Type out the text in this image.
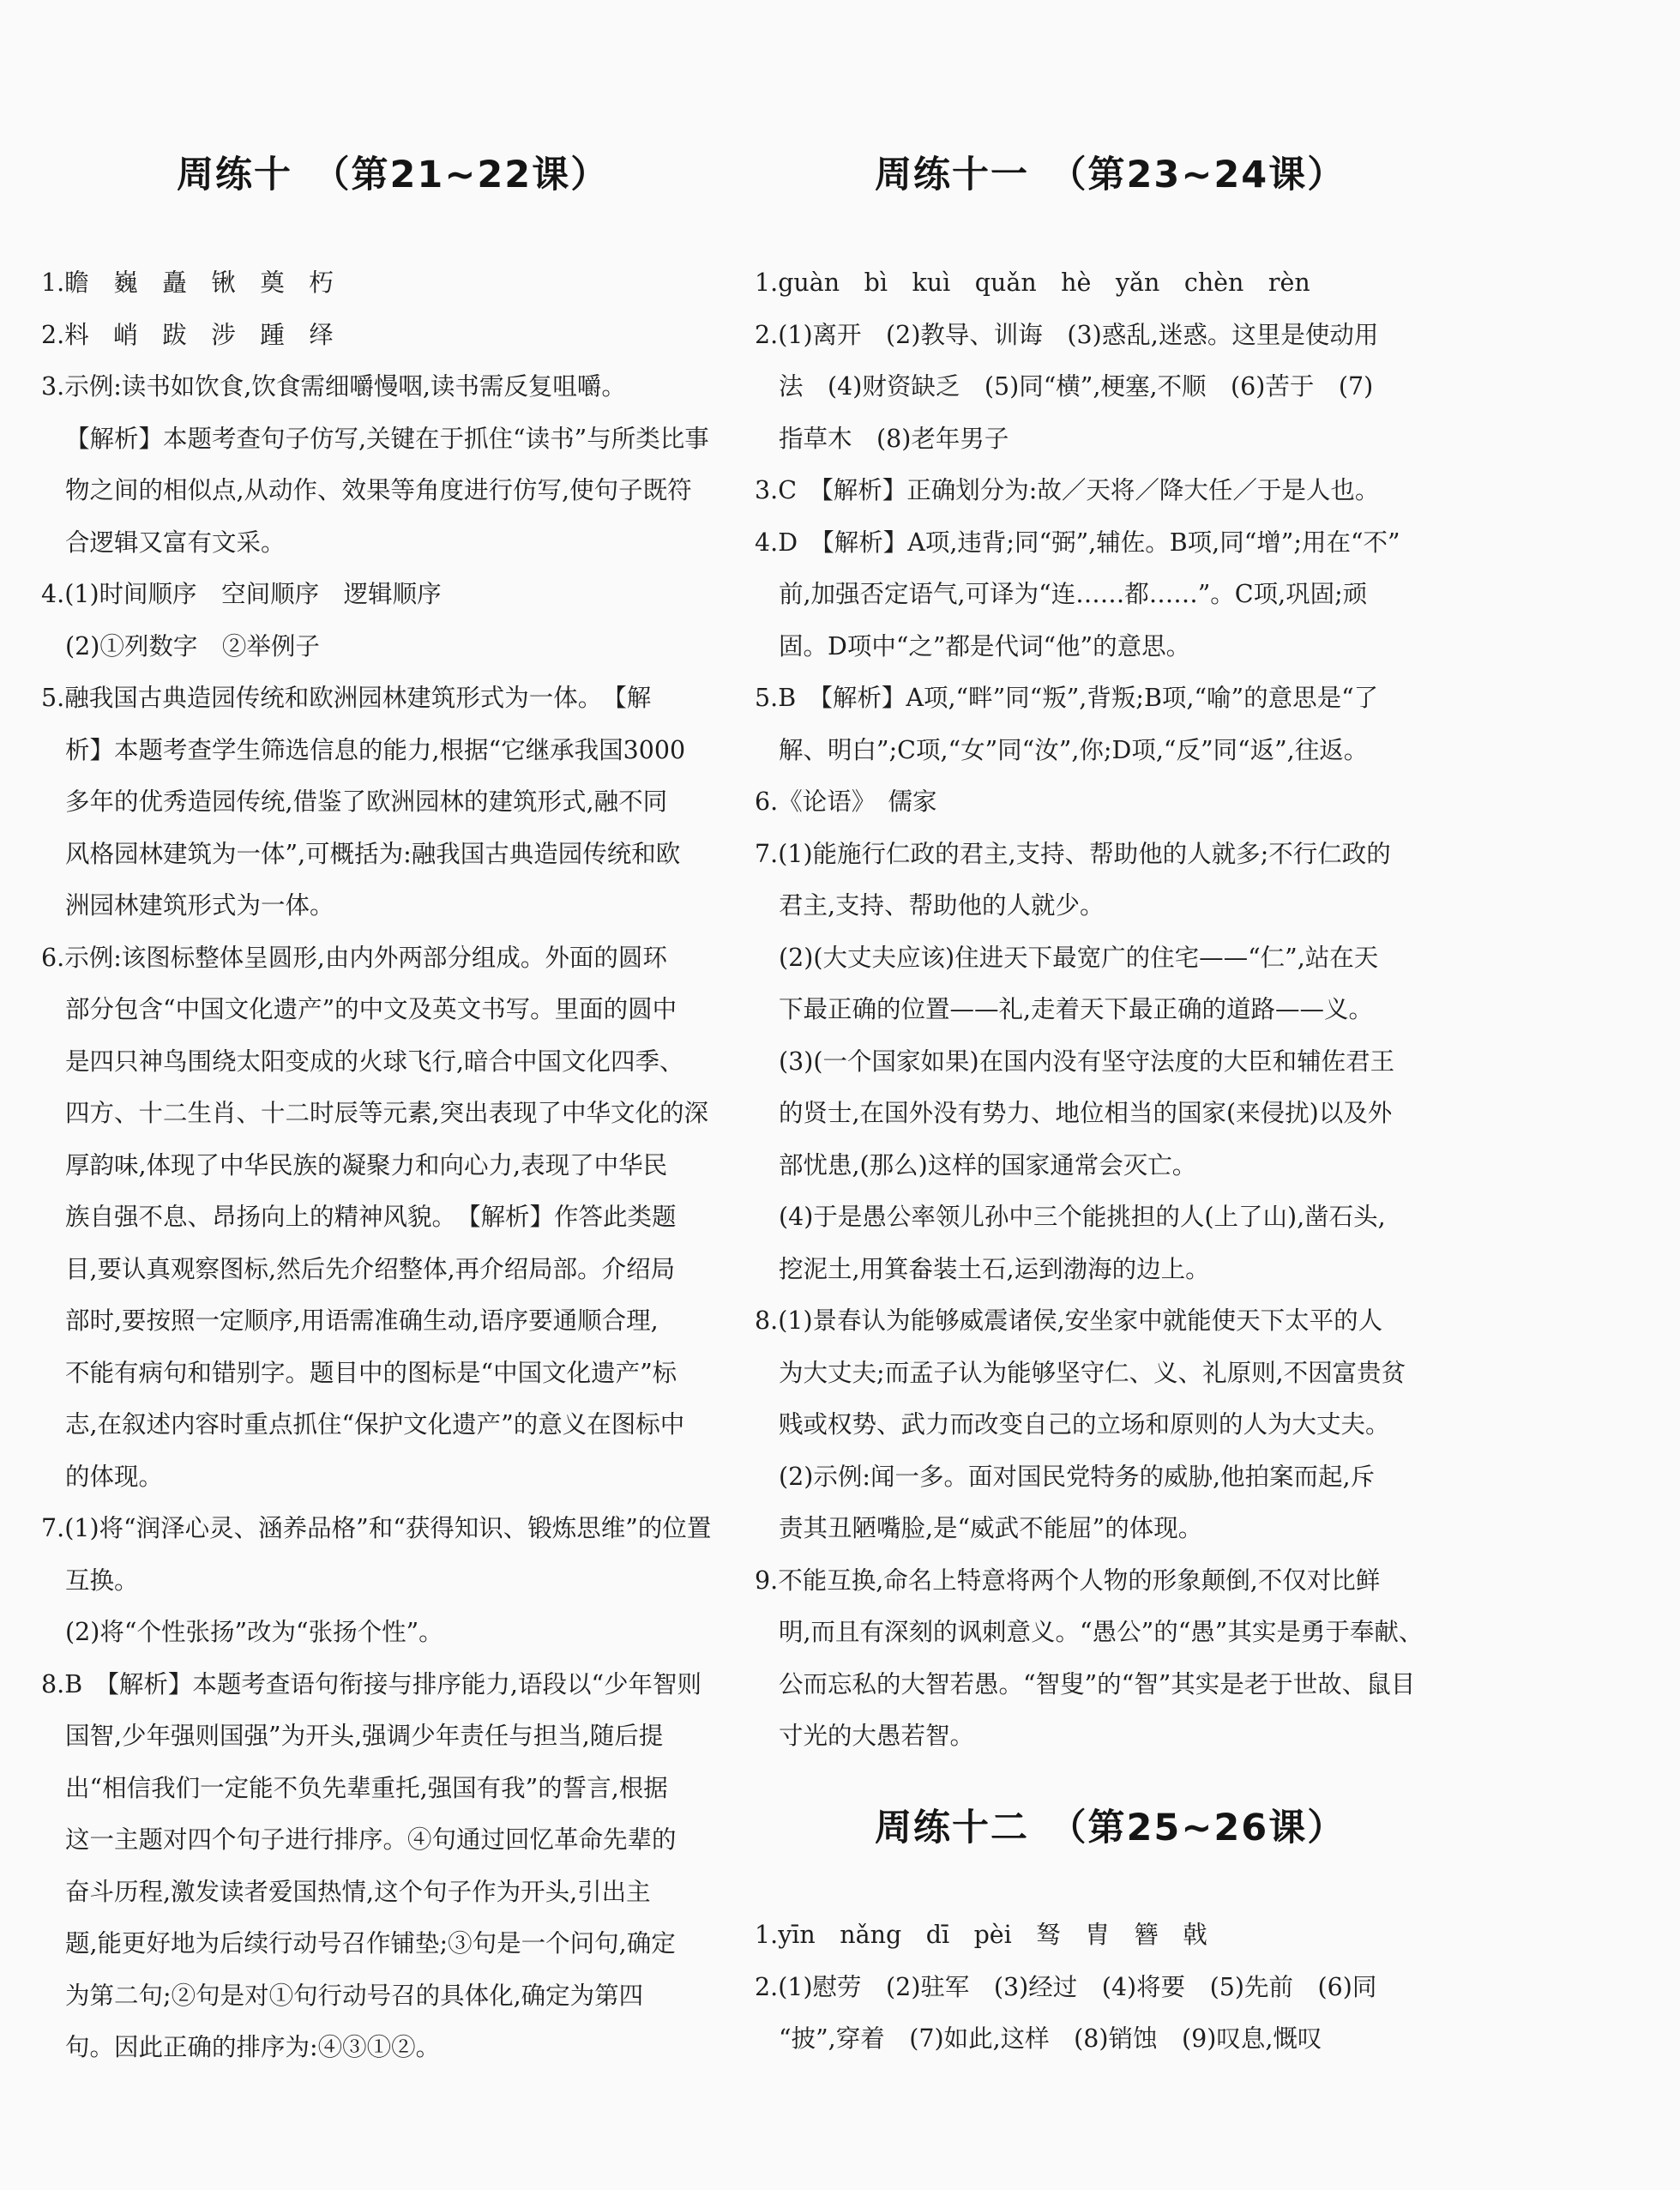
周练十　（第21~22课）
1.瞻　巍　矗　锹　奠　朽
2.料　峭　跋　涉　踵　绎
3.示例:读书如饮食,饮食需细嚼慢咽,读书需反复咀嚼。
【解析】本题考查句子仿写,关键在于抓住“读书”与所类比事
物之间的相似点,从动作、效果等角度进行仿写,使句子既符
合逻辑又富有文采。
4.(1)时间顺序　空间顺序　逻辑顺序
(2)①列数字　②举例子
5.融我国古典造园传统和欧洲园林建筑形式为一体。　【解
析】本题考查学生筛选信息的能力,根据“它继承我国3000
多年的优秀造园传统,借鉴了欧洲园林的建筑形式,融不同
风格园林建筑为一体”,可概括为:融我国古典造园传统和欧
洲园林建筑形式为一体。
6.示例:该图标整体呈圆形,由内外两部分组成。外面的圆环
部分包含“中国文化遗产”的中文及英文书写。里面的圆中
是四只神鸟围绕太阳变成的火球飞行,暗合中国文化四季、
四方、十二生肖、十二时辰等元素,突出表现了中华文化的深
厚韵味,体现了中华民族的凝聚力和向心力,表现了中华民
族自强不息、昂扬向上的精神风貌。　【解析】作答此类题
目,要认真观察图标,然后先介绍整体,再介绍局部。介绍局
部时,要按照一定顺序,用语需准确生动,语序要通顺合理,
不能有病句和错别字。题目中的图标是“中国文化遗产”标
志,在叙述内容时重点抓住“保护文化遗产”的意义在图标中
的体现。
7.(1)将“润泽心灵、涵养品格”和“获得知识、锻炼思维”的位置
互换。
(2)将“个性张扬”改为“张扬个性”。
8.B　【解析】本题考查语句衔接与排序能力,语段以“少年智则
国智,少年强则国强”为开头,强调少年责任与担当,随后提
出“相信我们一定能不负先辈重托,强国有我”的誓言,根据
这一主题对四个句子进行排序。④句通过回忆革命先辈的
奋斗历程,激发读者爱国热情,这个句子作为开头,引出主
题,能更好地为后续行动号召作铺垫;③句是一个问句,确定
为第二句;②句是对①句行动号召的具体化,确定为第四
句。因此正确的排序为:④③①②。
周练十一　（第23~24课）
1.guàn　bì　kuì　quǎn　hè　yǎn　chèn　rèn
2.(1)离开　(2)教导、训诲　(3)惑乱,迷惑。这里是使动用
法　(4)财资缺乏　(5)同“横”,梗塞,不顺　(6)苦于　(7)
指草木　(8)老年男子
3.C　【解析】正确划分为:故／天将／降大任／于是人也。
4.D　【解析】A项,违背;同“弼”,辅佐。B项,同“增”;用在“不”
前,加强否定语气,可译为“连……都……”。C项,巩固;顽
固。D项中“之”都是代词“他”的意思。
5.B　【解析】A项,“畔”同“叛”,背叛;B项,“喻”的意思是“了
解、明白”;C项,“女”同“汝”,你;D项,“反”同“返”,往返。
6.《论语》　儒家
7.(1)能施行仁政的君主,支持、帮助他的人就多;不行仁政的
君主,支持、帮助他的人就少。
(2)(大丈夫应该)住进天下最宽广的住宅——“仁”,站在天
下最正确的位置——礼,走着天下最正确的道路——义。
(3)(一个国家如果)在国内没有坚守法度的大臣和辅佐君王
的贤士,在国外没有势力、地位相当的国家(来侵扰)以及外
部忧患,(那么)这样的国家通常会灭亡。
(4)于是愚公率领儿孙中三个能挑担的人(上了山),凿石头,
挖泥土,用箕畚装土石,运到渤海的边上。
8.(1)景春认为能够威震诸侯,安坐家中就能使天下太平的人
为大丈夫;而孟子认为能够坚守仁、义、礼原则,不因富贵贫
贱或权势、武力而改变自己的立场和原则的人为大丈夫。
(2)示例:闻一多。面对国民党特务的威胁,他拍案而起,斥
责其丑陋嘴脸,是“威武不能屈”的体现。
9.不能互换,命名上特意将两个人物的形象颠倒,不仅对比鲜
明,而且有深刻的讽刺意义。“愚公”的“愚”其实是勇于奉献、
公而忘私的大智若愚。“智叟”的“智”其实是老于世故、鼠目
寸光的大愚若智。
周练十二　（第25~26课）
1.yīn　nǎng　dī　pèi　驽　胄　簪　戟
2.(1)慰劳　(2)驻军　(3)经过　(4)将要　(5)先前　(6)同
“披”,穿着　(7)如此,这样　(8)销蚀　(9)叹息,慨叹
